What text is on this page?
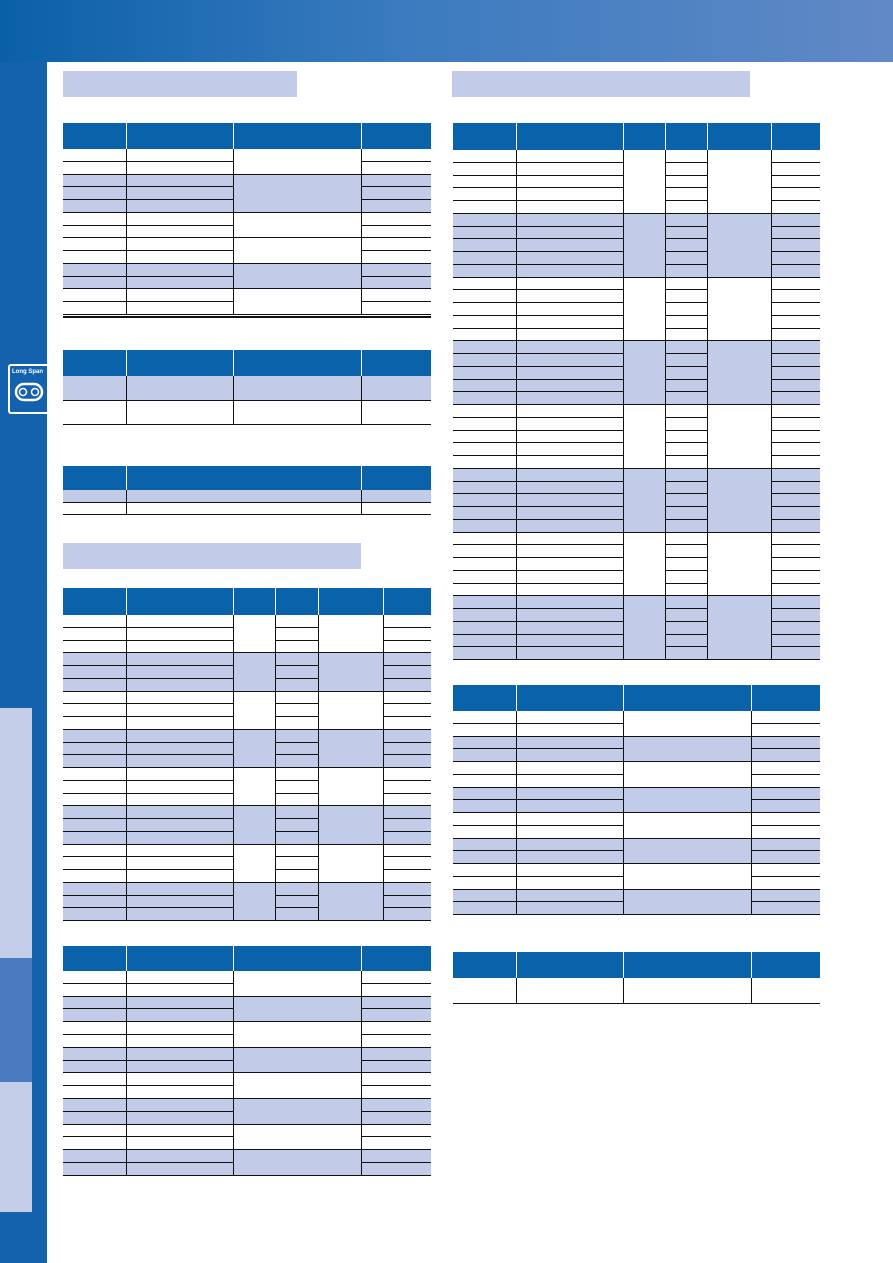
Long Span
